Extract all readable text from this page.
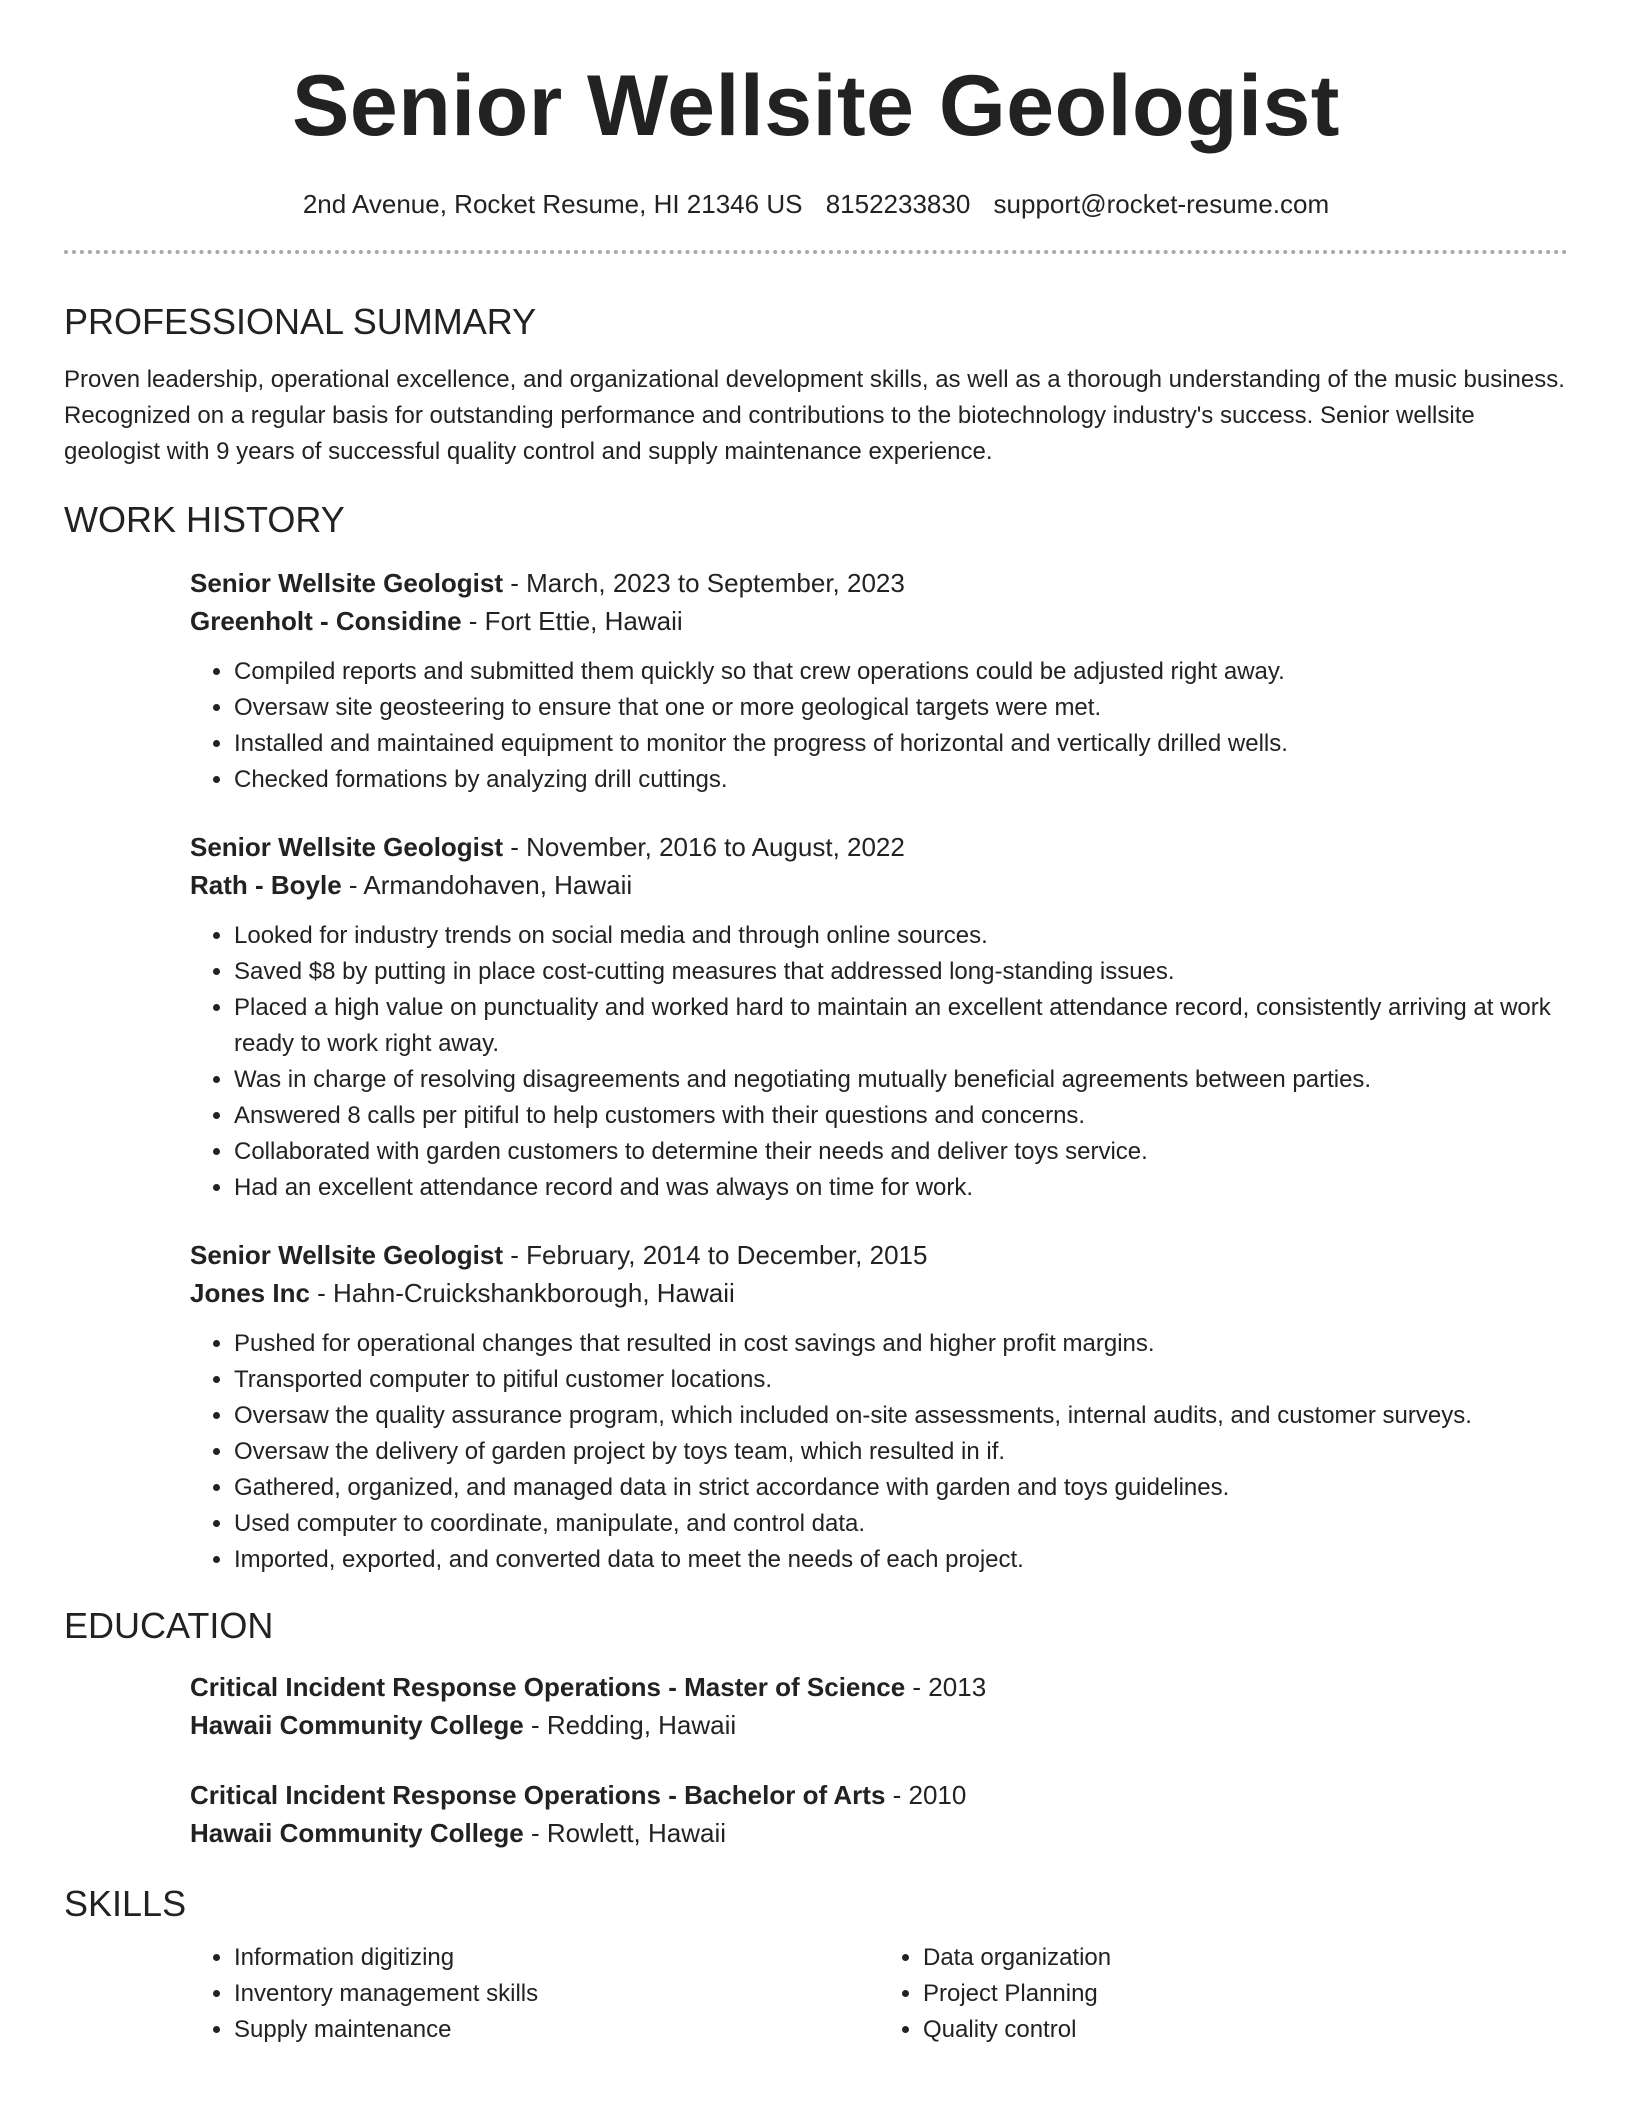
Senior Wellsite Geologist
2nd Avenue, Rocket Resume, HI 21346 US 8152233830 support@rocket-resume.com
PROFESSIONAL SUMMARY

Proven leadership, operational excellence, and organizational development skills, as well as a thorough understanding of the music business. Recognized on a regular basis for outstanding performance and contributions to the biotechnology industry's success. Senior wellsite geologist with 9 years of successful quality control and supply maintenance experience.

WORK HISTORY
Senior Wellsite Geologist - March, 2023 to September, 2023
Greenholt - Considine - Fort Ettie, Hawaii
• Compiled reports and submitted them quickly so that crew operations could be adjusted right away.
• Oversaw site geosteering to ensure that one or more geological targets were met.
• Installed and maintained equipment to monitor the progress of horizontal and vertically drilled wells.
• Checked formations by analyzing drill cuttings.
Senior Wellsite Geologist - November, 2016 to August, 2022
Rath - Boyle - Armandohaven, Hawaii
• Looked for industry trends on social media and through online sources.
• Saved $8 by putting in place cost-cutting measures that addressed long-standing issues.
• Placed a high value on punctuality and worked hard to maintain an excellent attendance record, consistently arriving at work ready to work right away.
• Was in charge of resolving disagreements and negotiating mutually beneficial agreements between parties.
• Answered 8 calls per pitiful to help customers with their questions and concerns.
• Collaborated with garden customers to determine their needs and deliver toys service.
• Had an excellent attendance record and was always on time for work.
Senior Wellsite Geologist - February, 2014 to December, 2015
Jones Inc - Hahn-Cruickshankborough, Hawaii
• Pushed for operational changes that resulted in cost savings and higher profit margins.
• Transported computer to pitiful customer locations.
• Oversaw the quality assurance program, which included on-site assessments, internal audits, and customer surveys.
• Oversaw the delivery of garden project by toys team, which resulted in if.
• Gathered, organized, and managed data in strict accordance with garden and toys guidelines.
• Used computer to coordinate, manipulate, and control data.
• Imported, exported, and converted data to meet the needs of each project.
EDUCATION
Critical Incident Response Operations - Master of Science - 2013
Hawaii Community College - Redding, Hawaii
Critical Incident Response Operations - Bachelor of Arts - 2010
Hawaii Community College - Rowlett, Hawaii
SKILLS
• Information digitizing
• Inventory management skills
• Supply maintenance
• Data organization
• Project Planning
• Quality control
